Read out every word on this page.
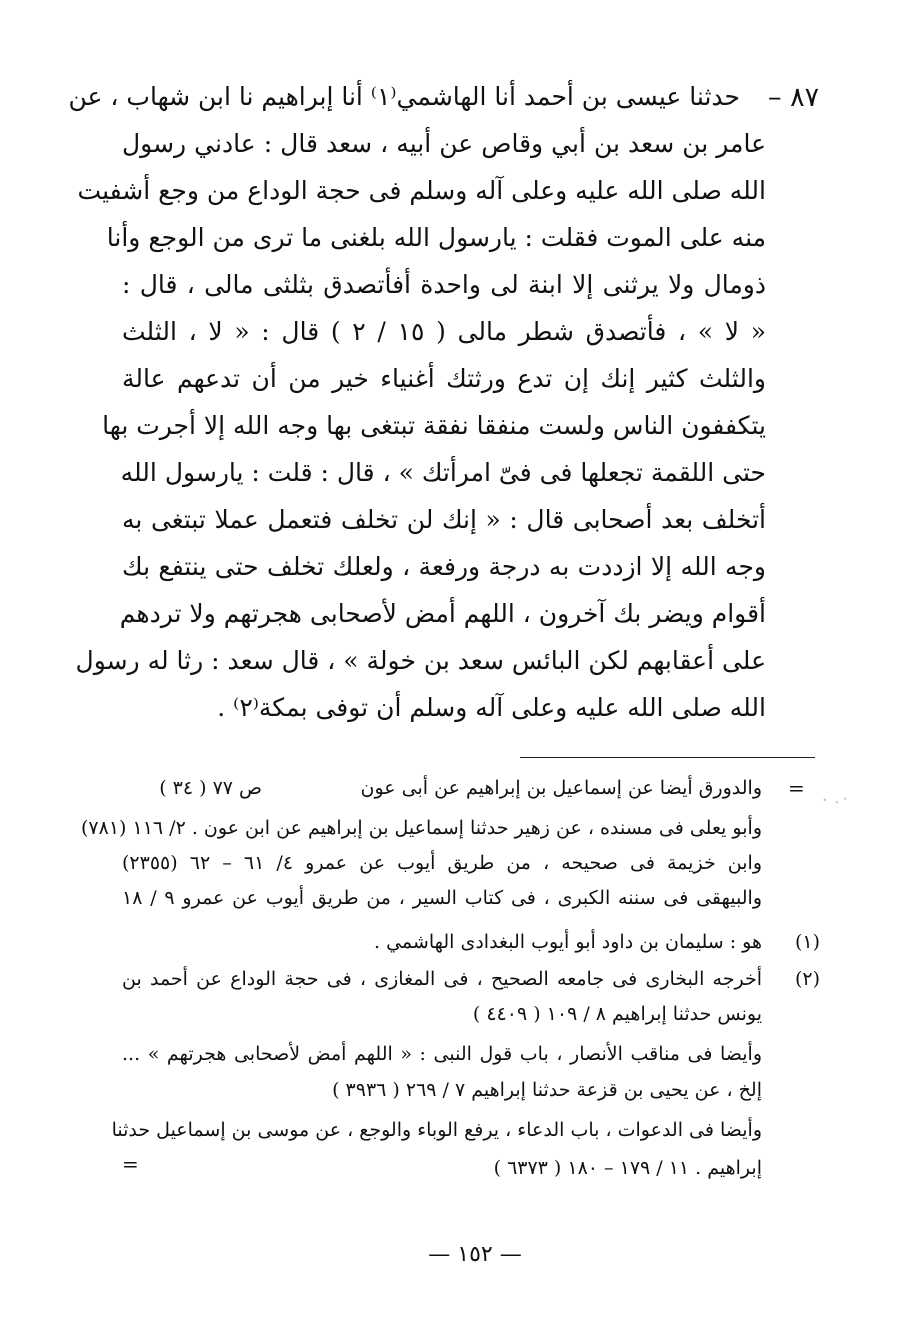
٨٧ –
حدثنا عيسى بن أحمد أنا الهاشمي⁽١⁾ أنا إبراهيم نا ابن شهاب ، عن
عامر بن سعد بن أبي وقاص عن أبيه ، سعد قال : عادني رسول
الله صلى الله عليه وعلى آله وسلم فى حجة الوداع من وجع أشفيت
منه على الموت فقلت : يارسول الله بلغنى ما ترى من الوجع وأنا
ذومال ولا يرثنى إلا ابنة لى واحدة أفأتصدق بثلثى مالى ، قال :
« لا » ، فأتصدق شطر مالى ( ١٥ / ٢ ) قال : « لا ، الثلث
والثلث كثير إنك إن تدع ورثتك أغنياء خير من أن تدعهم عالة
يتكففون الناس ولست منفقا نفقة تبتغى بها وجه الله إلا أجرت بها
حتى اللقمة تجعلها فى فىّ امرأتك » ، قال : قلت : يارسول الله
أتخلف بعد أصحابى قال : « إنك لن تخلف فتعمل عملا تبتغى به
وجه الله إلا ازددت به درجة ورفعة ، ولعلك تخلف حتى ينتفع بك
أقوام ويضر بك آخرون ، اللهم أمض لأصحابى هجرتهم ولا تردهم
على أعقابهم لكن البائس سعد بن خولة » ، قال سعد : رثا له رسول
الله صلى الله عليه وعلى آله وسلم أن توفى بمكة⁽٢⁾ .
=
والدورق أيضا عن إسماعيل بن إبراهيم عن أبى عون
ص ٧٧ ( ٣٤ )
وأبو يعلى فى مسنده ، عن زهير حدثنا إسماعيل بن إبراهيم عن ابن عون . ٢/ ١١٦ (٧٨١)
وابن خزيمة فى صحيحه ، من طريق أيوب عن عمرو ٤/ ٦١ – ٦٢ (٢٣٥٥)
والبيهقى فى سننه الكبرى ، فى كتاب السير ، من طريق أيوب عن عمرو ٩ / ١٨
(١)
هو : سليمان بن داود أبو أيوب البغدادى الهاشمي .
(٢)
أخرجه البخارى فى جامعه الصحيح ، فى المغازى ، فى حجة الوداع عن أحمد بن
يونس حدثنا إبراهيم ٨ / ١٠٩ ( ٤٤٠٩ )
وأيضا فى مناقب الأنصار ، باب قول النبى : « اللهم أمض لأصحابى هجرتهم » ...
إلخ ، عن يحيى بن قزعة حدثنا إبراهيم ٧ / ٢٦٩ ( ٣٩٣٦ )
وأيضا فى الدعوات ، باب الدعاء ، يرفع الوباء والوجع ، عن موسى بن إسماعيل حدثنا
إبراهيم . ١١ / ١٧٩ – ١٨٠ ( ٦٣٧٣ )
=
— ١٥٢ —
